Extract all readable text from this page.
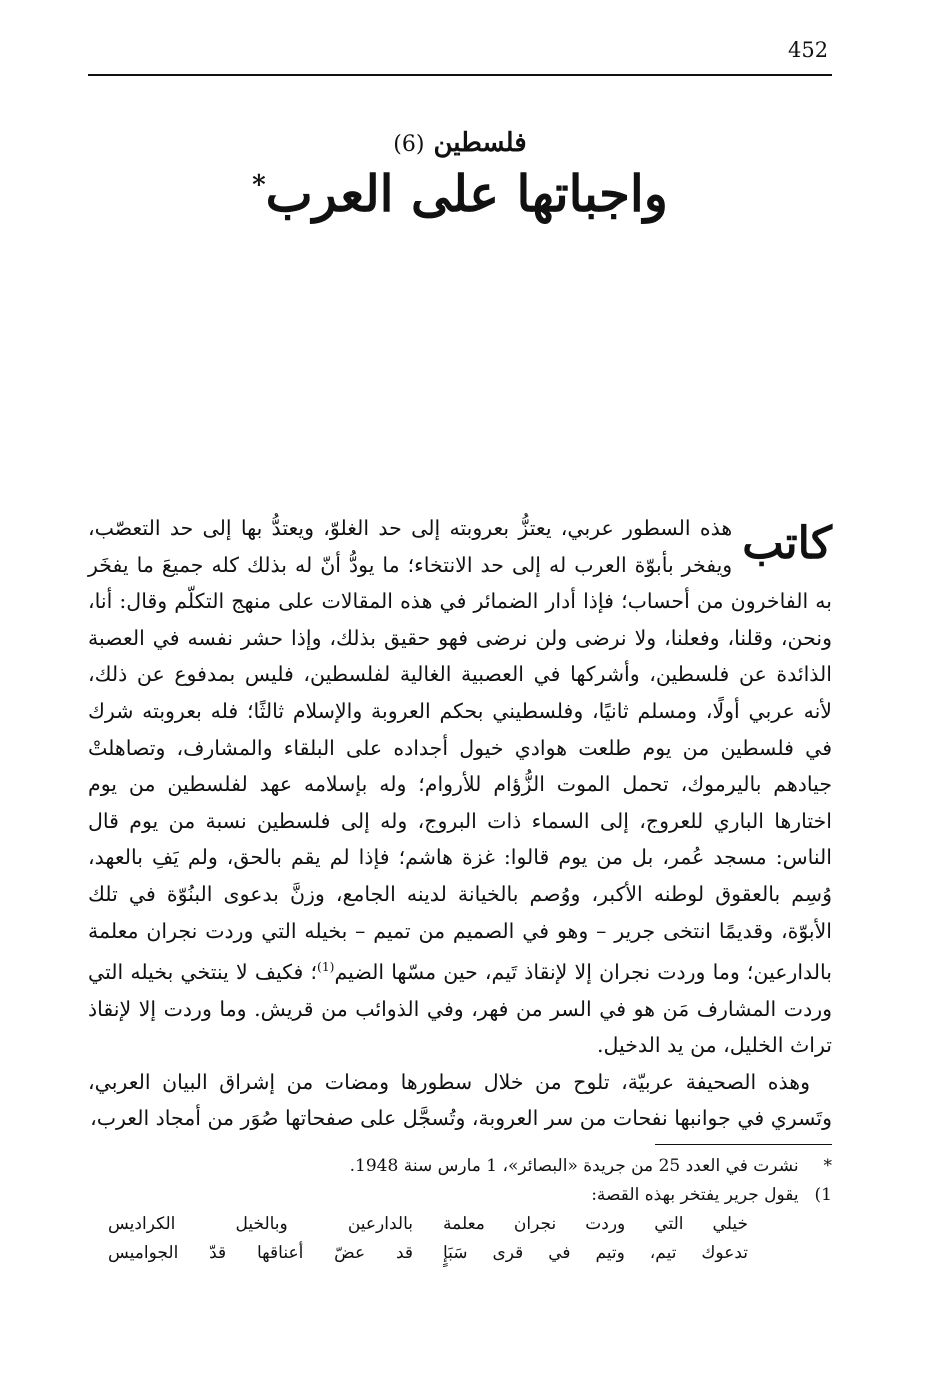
452
فلسطين (6)
واجباتها على العرب*

كاتب
هذه السطور عربي، يعتزُّ بعروبته إلى حد الغلوّ، ويعتدُّ بها إلى حد التعصّب، ويفخر بأبوّة العرب له إلى حد الانتخاء؛ ما يودُّ أنّ له بذلك كله جميعَ ما يفخَر به الفاخرون من أحساب؛ فإذا أدار الضمائر في هذه المقالات على منهج التكلّم وقال: أنا، ونحن، وقلنا، وفعلنا، ولا نرضى ولن نرضى فهو حقيق بذلك، وإذا حشر نفسه في العصبة الذائدة عن فلسطين، وأشركها في العصبية الغالية لفلسطين، فليس بمدفوع عن ذلك، لأنه عربي أولًا، ومسلم ثانيًا، وفلسطيني بحكم العروبة والإسلام ثالثًا؛ فله بعروبته شرك في فلسطين من يوم طلعت هوادي خيول أجداده على البلقاء والمشارف، وتصاهلتْ جيادهم باليرموك، تحمل الموت الزُّؤام للأروام؛ وله بإسلامه عهد لفلسطين من يوم اختارها الباري للعروج، إلى السماء ذات البروج، وله إلى فلسطين نسبة من يوم قال الناس: مسجد عُمر، بل من يوم قالوا: غزة هاشم؛ فإذا لم يقم بالحق، ولم يَفِ بالعهد، وُسِم بالعقوق لوطنه الأكبر، ووُصم بالخيانة لدينه الجامع، وزنَّ بدعوى البنُوّة في تلك الأبوّة، وقديمًا انتخى جرير – وهو في الصميم من تميم – بخيله التي وردت نجران معلمة بالدارعين؛ وما وردت نجران إلا لإنقاذ تَيم، حين مسّها الضيم$^{(1)}$؛ فكيف لا ينتخي بخيله التي وردت المشارف مَن هو في السر من فهر، وفي الذوائب من قريش. وما وردت إلا لإنقاذ تراث الخليل، من يد الدخيل.

وهذه الصحيفة عربيّة، تلوح من خلال سطورها ومضات من إشراق البيان العربي، وتَسري في جوانبها نفحات من سر العروبة، وتُسجَّل على صفحاتها صُوَر من أمجاد العرب،

* نشرت في العدد 25 من جريدة «البصائر»، 1 مارس سنة 1948.

1) يقول جرير يفتخر بهذه القصة:

خيلي التي وردت نجران معلمة
بالدارعين وبالخيل الكراديس
تدعوك تيم، وتيم في قرى سَبَإٍ
قد عضّ أعناقها قدّ الجواميس
